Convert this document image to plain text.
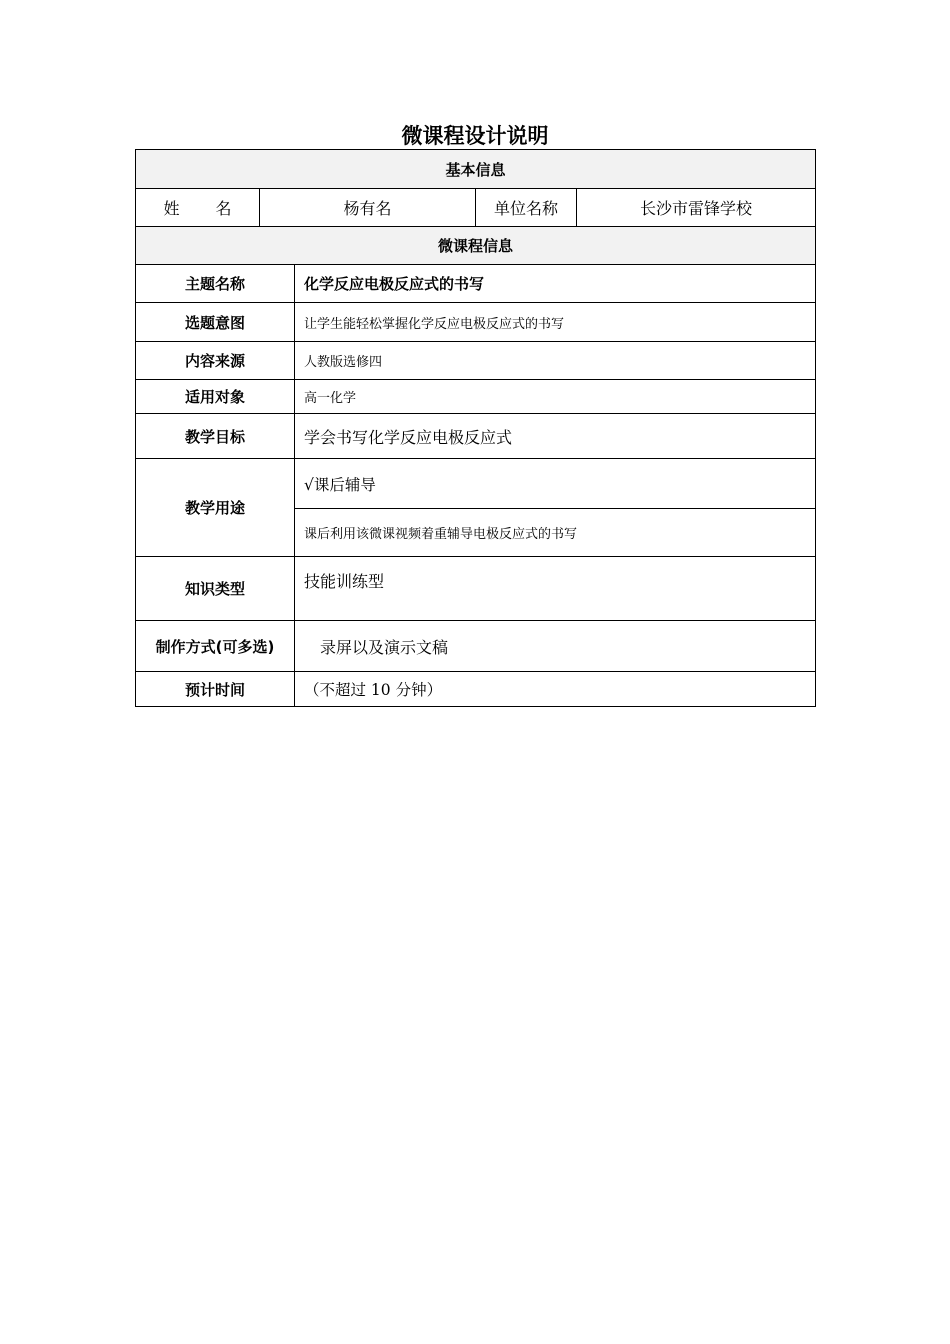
微课程设计说明
基本信息				
姓 名	杨有名		单位名称	长沙市雷锋学校
微课程信息				
主题名称		化学反应电极反应式的书写		
选题意图		让学生能轻松掌握化学反应电极反应式的书写		
内容来源		人教版选修四		
适用对象		高一化学		
教学目标		学会书写化学反应电极反应式		
教学用途		√课后辅导		
		课后利用该微课视频着重辅导电极反应式的书写		
知识类型		技能训练型		
制作方式(可多选)		录屏以及演示文稿		
预计时间		（不超过 10 分钟）		
